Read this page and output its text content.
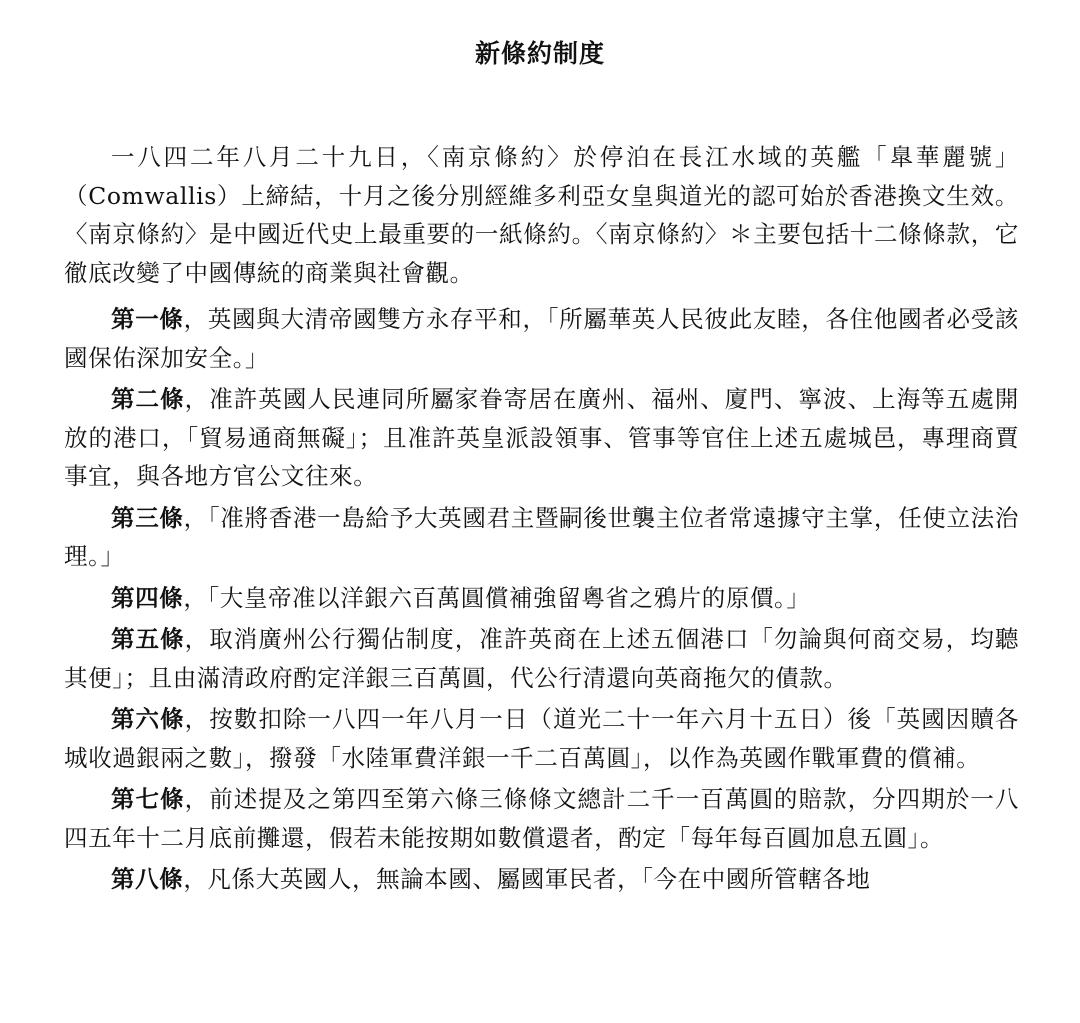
新條約制度

一八四二年八月二十九日，〈南京條約〉於停泊在長江水域的英艦「臯華麗號」（Comwallis）上締結，十月之後分別經維多利亞女皇與道光的認可始於香港換文生效。〈南京條約〉是中國近代史上最重要的一紙條約。〈南京條約〉＊主要包括十二條條款，它徹底改變了中國傳統的商業與社會觀。

第一條，英國與大清帝國雙方永存平和，「所屬華英人民彼此友睦，各住他國者必受該國保佑深加安全。」

第二條，准許英國人民連同所屬家眷寄居在廣州、福州、廈門、寧波、上海等五處開放的港口，「貿易通商無礙」；且准許英皇派設領事、管事等官住上述五處城邑，專理商賈事宜，與各地方官公文往來。

第三條，「准將香港一島給予大英國君主暨嗣後世襲主位者常遠據守主掌，任使立法治理。」

第四條，「大皇帝准以洋銀六百萬圓償補強留粵省之鴉片的原價。」

第五條，取消廣州公行獨佔制度，准許英商在上述五個港口「勿論與何商交易，均聽其便」；且由滿清政府酌定洋銀三百萬圓，代公行清還向英商拖欠的債款。

第六條，按數扣除一八四一年八月一日（道光二十一年六月十五日）後「英國因贖各城收過銀兩之數」，撥發「水陸軍費洋銀一千二百萬圓」，以作為英國作戰軍費的償補。

第七條，前述提及之第四至第六條三條條文總計二千一百萬圓的賠款，分四期於一八四五年十二月底前攤還，假若未能按期如數償還者，酌定「每年每百圓加息五圓」。

第八條，凡係大英國人，無論本國、屬國軍民者，「今在中國所管轄各地
